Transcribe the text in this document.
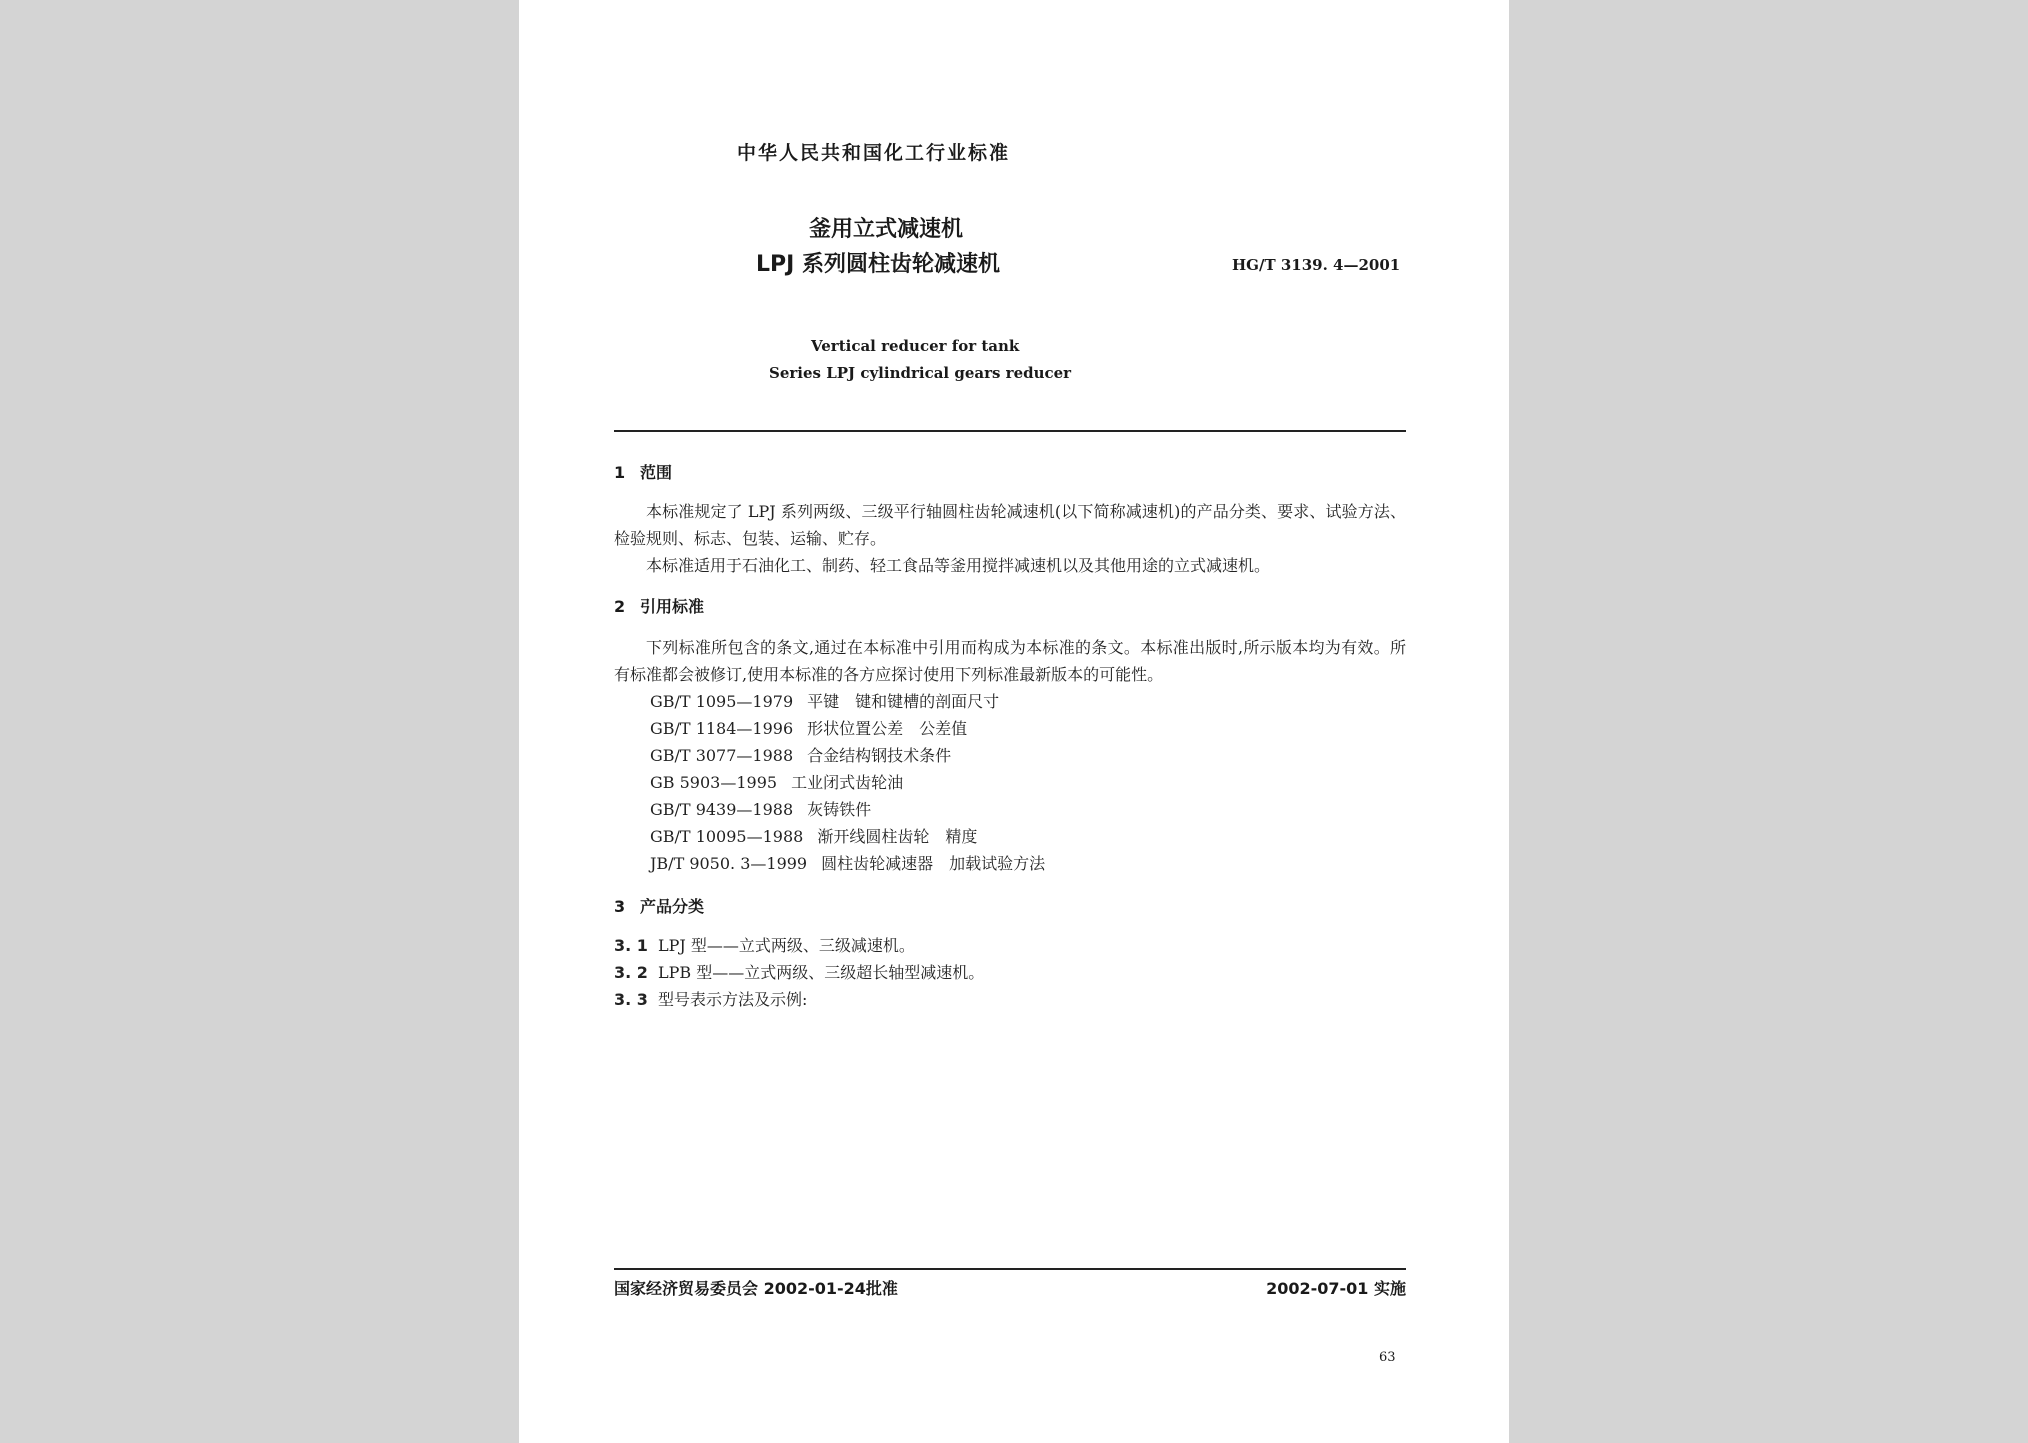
中华人民共和国化工行业标准
釜用立式减速机
LPJ 系列圆柱齿轮减速机	HG/T 3139. 4—2001
Vertical reducer for tank
Series LPJ cylindrical gears reducer
1 范围
本标准规定了 LPJ 系列两级、三级平行轴圆柱齿轮减速机(以下简称减速机)的产品分类、要求、试验方法、检验规则、标志、包装、运输、贮存。
本标准适用于石油化工、制药、轻工食品等釜用搅拌减速机以及其他用途的立式减速机。
2 引用标准
下列标准所包含的条文,通过在本标准中引用而构成为本标准的条文。本标准出版时,所示版本均为有效。所有标准都会被修订,使用本标准的各方应探讨使用下列标准最新版本的可能性。
GB/T 1095—1979 平键　键和键槽的剖面尺寸
GB/T 1184—1996 形状位置公差　公差值
GB/T 3077—1988 合金结构钢技术条件
GB 5903—1995 工业闭式齿轮油
GB/T 9439—1988 灰铸铁件
GB/T 10095—1988 渐开线圆柱齿轮　精度
JB/T 9050. 3—1999 圆柱齿轮减速器　加载试验方法
3 产品分类
3. 1 LPJ 型——立式两级、三级减速机。
3. 2 LPB 型——立式两级、三级超长轴型减速机。
3. 3 型号表示方法及示例:
国家经济贸易委员会 2002-01-24批准	2002-07-01 实施
63
